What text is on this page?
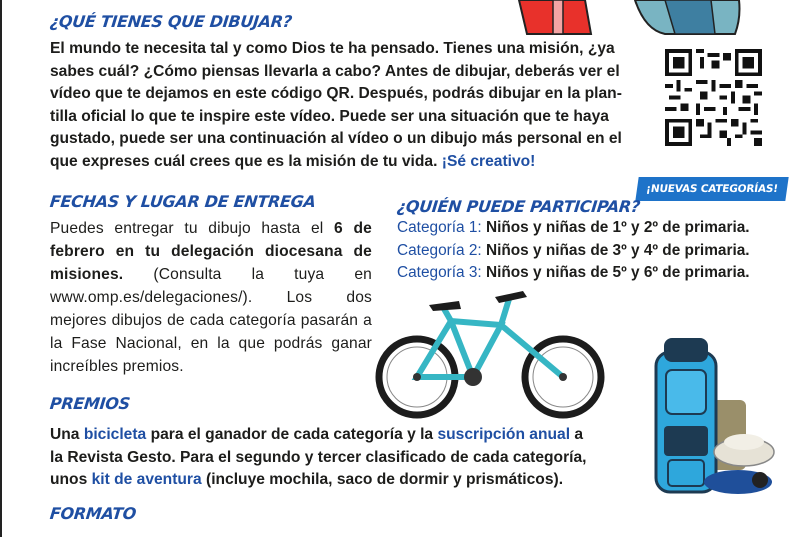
¿QUÉ TIENES QUE DIBUJAR?
El mundo te necesita tal y como Dios te ha pensado. Tienes una misión, ¿ya
sabes cuál? ¿Cómo piensas llevarla a cabo? Antes de dibujar, deberás ver el
vídeo que te dejamos en este código QR. Después, podrás dibujar en la plan-
tilla oficial lo que te inspire este vídeo. Puede ser una situación que te haya
gustado, puede ser una continuación al vídeo o un dibujo más personal en el
que expreses cuál crees que es la misión de tu vida. ¡Sé creativo!
¡NUEVAS CATEGORÍAS!
FECHAS Y LUGAR DE ENTREGA
Puedes entregar tu dibujo hasta el 6 de febrero en tu delegación diocesana de misiones. (Consulta la tuya en www.omp.es/delegaciones/). Los dos mejores dibujos de cada categoría pasarán a la Fase Nacional, en la que podrás ganar increíbles premios.
¿QUIÉN PUEDE PARTICIPAR?
Categoría 1: Niños y niñas de 1º y 2º de primaria.
Categoría 2: Niños y niñas de 3º y 4º de primaria.
Categoría 3: Niños y niñas de 5º y 6º de primaria.
PREMIOS
Una bicicleta para el ganador de cada categoría y la suscripción anual a
la Revista Gesto. Para el segundo y tercer clasificado de cada categoría,
unos kit de aventura (incluye mochila, saco de dormir y prismáticos).
FORMATO
